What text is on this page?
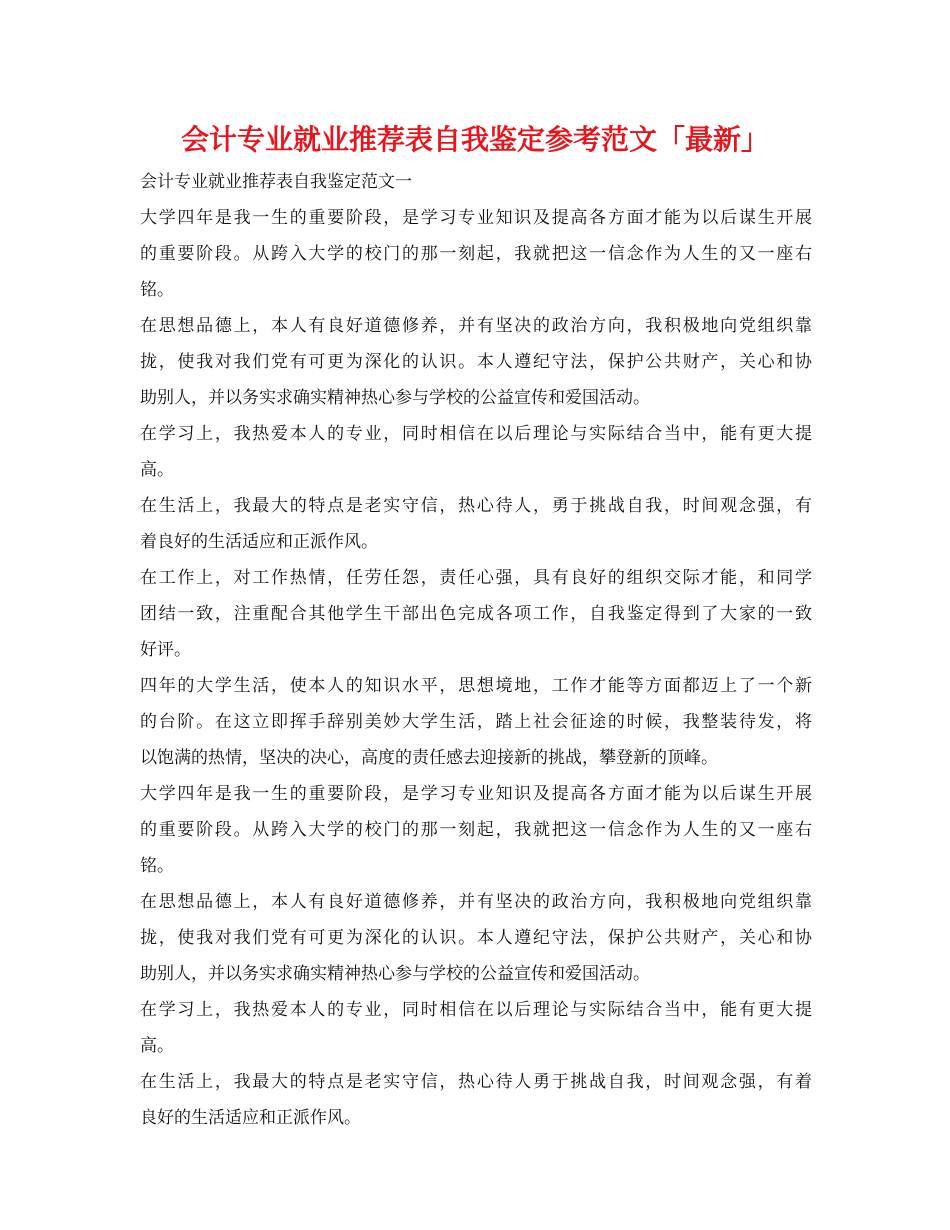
会计专业就业推荐表自我鉴定参考范文「最新」
会计专业就业推荐表自我鉴定范文一
大学四年是我一生的重要阶段，是学习专业知识及提高各方面才能为以后谋生开展
的重要阶段。从跨入大学的校门的那一刻起，我就把这一信念作为人生的又一座右
铭。
在思想品德上，本人有良好道德修养，并有坚决的政治方向，我积极地向党组织靠
拢，使我对我们党有可更为深化的认识。本人遵纪守法，保护公共财产，关心和协
助别人，并以务实求确实精神热心参与学校的公益宣传和爱国活动。
在学习上，我热爱本人的专业，同时相信在以后理论与实际结合当中，能有更大提
高。
在生活上，我最大的特点是老实守信，热心待人，勇于挑战自我，时间观念强，有
着良好的生活适应和正派作风。
在工作上，对工作热情，任劳任怨，责任心强，具有良好的组织交际才能，和同学
团结一致，注重配合其他学生干部出色完成各项工作，自我鉴定得到了大家的一致
好评。
四年的大学生活，使本人的知识水平，思想境地，工作才能等方面都迈上了一个新
的台阶。在这立即挥手辞别美妙大学生活，踏上社会征途的时候，我整装待发，将
以饱满的热情，坚决的决心，高度的责任感去迎接新的挑战，攀登新的顶峰。
大学四年是我一生的重要阶段，是学习专业知识及提高各方面才能为以后谋生开展
的重要阶段。从跨入大学的校门的那一刻起，我就把这一信念作为人生的又一座右
铭。
在思想品德上，本人有良好道德修养，并有坚决的政治方向，我积极地向党组织靠
拢，使我对我们党有可更为深化的认识。本人遵纪守法，保护公共财产，关心和协
助别人，并以务实求确实精神热心参与学校的公益宣传和爱国活动。
在学习上，我热爱本人的专业，同时相信在以后理论与实际结合当中，能有更大提
高。
在生活上，我最大的特点是老实守信，热心待人勇于挑战自我，时间观念强，有着
良好的生活适应和正派作风。
